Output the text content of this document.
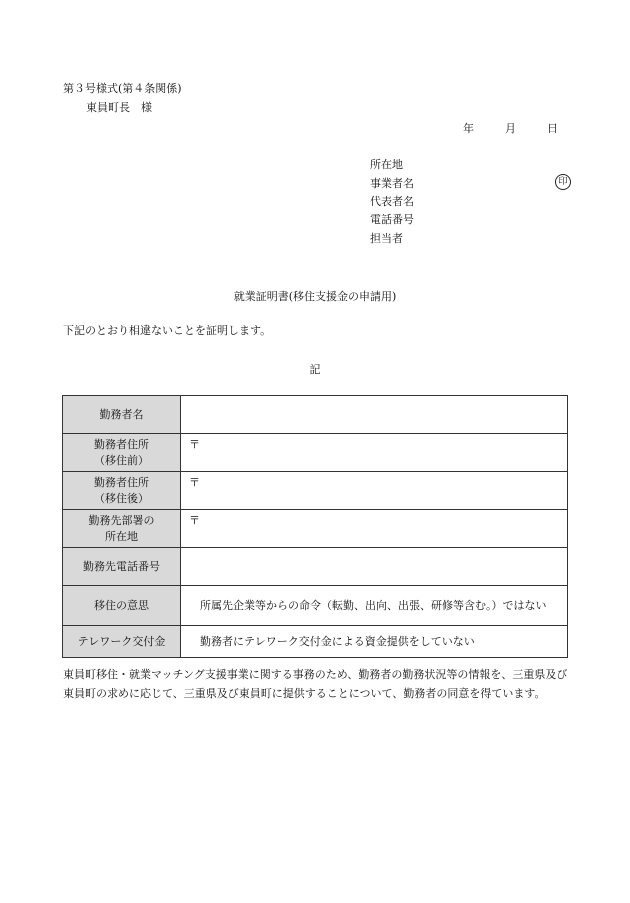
第３号様式(第４条関係)
東員町長　様
年	月	日
所在地
事業者名
代表者名
電話番号
担当者
印
就業証明書(移住支援金の申請用)
下記のとおり相違ないことを証明します。
記
勤務者名	

勤務者住所
（移住前）	〒

勤務者住所
（移住後）	〒

勤務先部署の
所在地	〒
勤務先電話番号	
移住の意思	　所属先企業等からの命令（転勤、出向、出張、研修等含む。）ではない
テレワーク交付金	　勤務者にテレワーク交付金による資金提供をしていない
東員町移住・就業マッチング支援事業に関する事務のため、勤務者の勤務状況等の情報を、三重県及び東員町の求めに応じて、三重県及び東員町に提供することについて、勤務者の同意を得ています。
